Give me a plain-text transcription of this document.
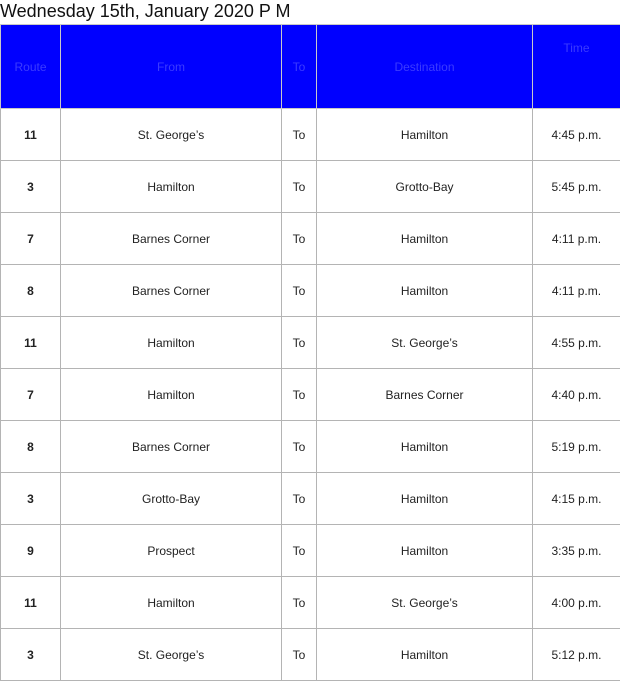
Wednesday 15th, January 2020 P M
Route	From	To	Destination	Time
11	St. George’s	To	Hamilton	4:45 p.m.
3	Hamilton	To	Grotto-Bay	5:45 p.m.
7	Barnes Corner	To	Hamilton	4:11 p.m.
8	Barnes Corner	To	Hamilton	4:11 p.m.
11	Hamilton	To	St. George’s	4:55 p.m.
7	Hamilton	To	Barnes Corner	4:40 p.m.
8	Barnes Corner	To	Hamilton	5:19 p.m.
3	Grotto-Bay	To	Hamilton	4:15 p.m.
9	Prospect	To	Hamilton	3:35 p.m.
11	Hamilton	To	St. George’s	4:00 p.m.
3	St. George’s	To	Hamilton	5:12 p.m.
